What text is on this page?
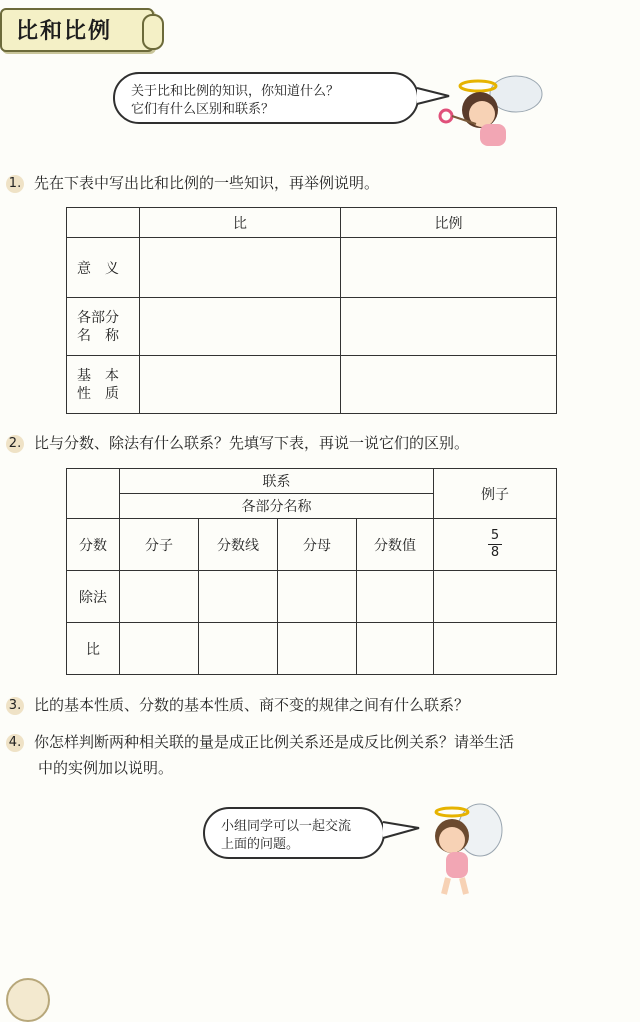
比和比例
关于比和比例的知识，你知道什么？
它们有什么区别和联系？
1. 先在下表中写出比和比例的一些知识，再举例说明。
	比	比例
意　义		

各部分
名　称		

基　本
性　质		

2. 比与分数、除法有什么联系？先填写下表，再说一说它们的区别。
	联系				例子
	各部分名称				
分数	分子	分数线	分母	分数值	$\frac{5}{8}$
除法					
比					
3. 比的基本性质、分数的基本性质、商不变的规律之间有什么联系？
4. 你怎样判断两种相关联的量是成正比例关系还是成反比例关系？请举生活
中的实例加以说明。
小组同学可以一起交流
上面的问题。
